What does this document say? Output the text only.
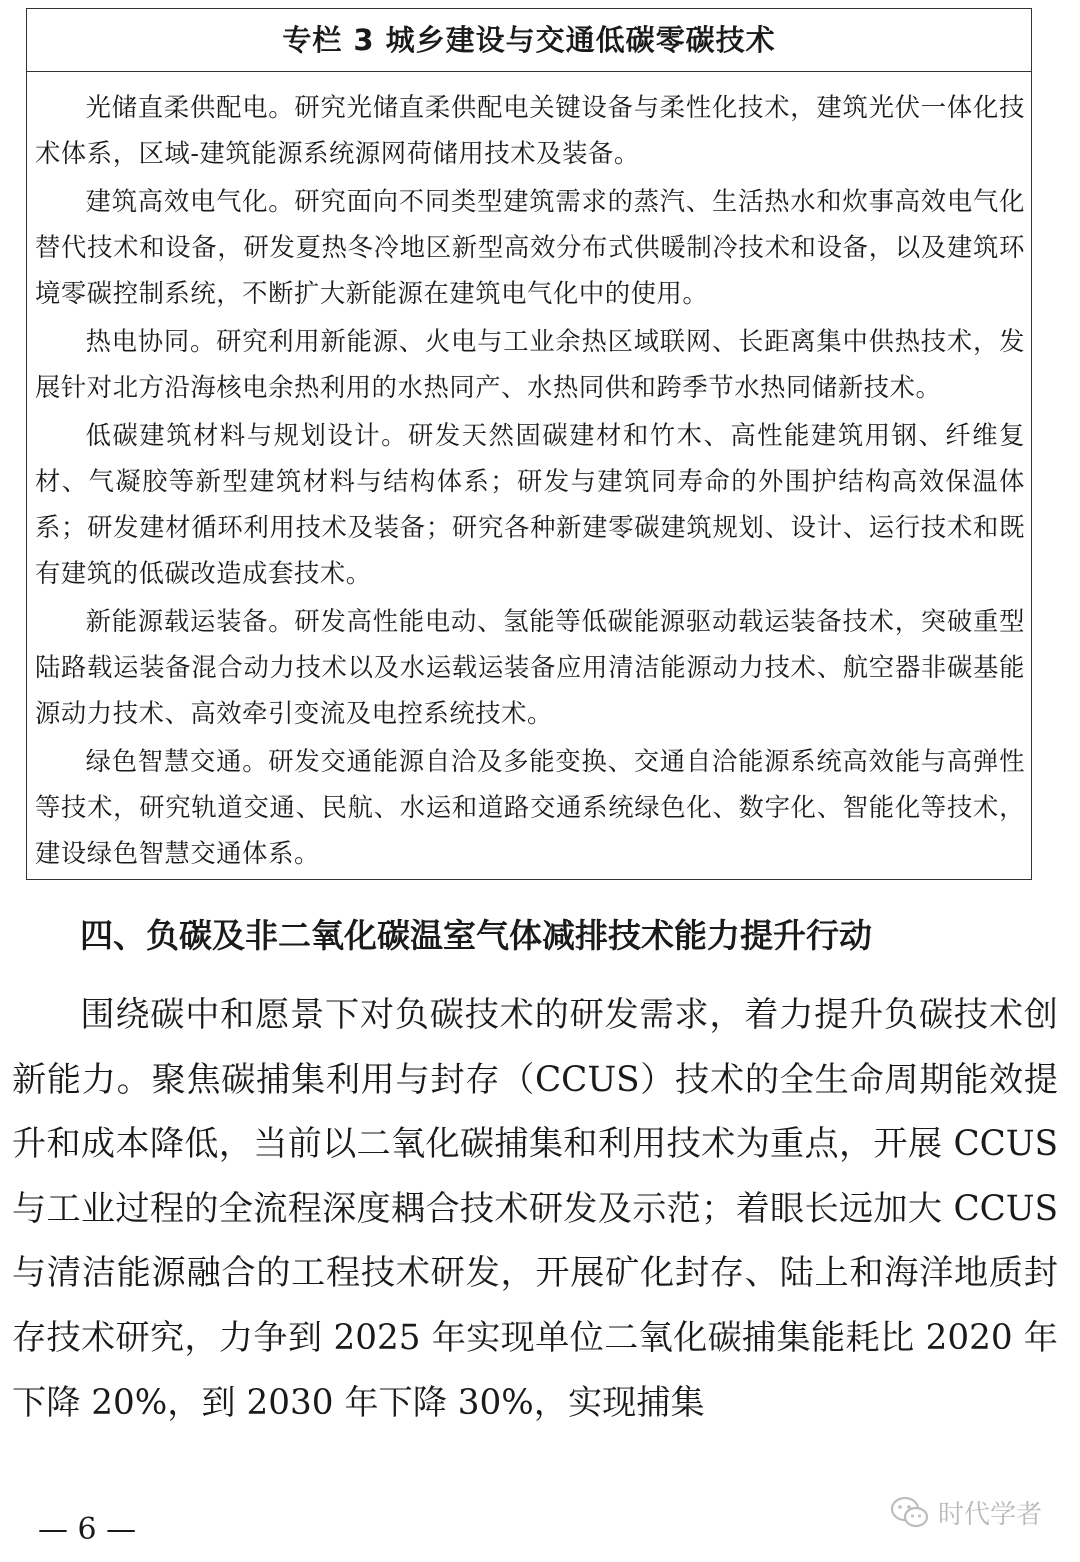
专栏 3 城乡建设与交通低碳零碳技术

光储直柔供配电。研究光储直柔供配电关键设备与柔性化技术，建筑光伏一体化技术体系，区域-建筑能源系统源网荷储用技术及装备。

建筑高效电气化。研究面向不同类型建筑需求的蒸汽、生活热水和炊事高效电气化替代技术和设备，研发夏热冬冷地区新型高效分布式供暖制冷技术和设备，以及建筑环境零碳控制系统，不断扩大新能源在建筑电气化中的使用。

热电协同。研究利用新能源、火电与工业余热区域联网、长距离集中供热技术，发展针对北方沿海核电余热利用的水热同产、水热同供和跨季节水热同储新技术。

低碳建筑材料与规划设计。研发天然固碳建材和竹木、高性能建筑用钢、纤维复材、气凝胶等新型建筑材料与结构体系；研发与建筑同寿命的外围护结构高效保温体系；研发建材循环利用技术及装备；研究各种新建零碳建筑规划、设计、运行技术和既有建筑的低碳改造成套技术。

新能源载运装备。研发高性能电动、氢能等低碳能源驱动载运装备技术，突破重型陆路载运装备混合动力技术以及水运载运装备应用清洁能源动力技术、航空器非碳基能源动力技术、高效牵引变流及电控系统技术。

绿色智慧交通。研发交通能源自洽及多能变换、交通自洽能源系统高效能与高弹性等技术，研究轨道交通、民航、水运和道路交通系统绿色化、数字化、智能化等技术，建设绿色智慧交通体系。

四、负碳及非二氧化碳温室气体减排技术能力提升行动

围绕碳中和愿景下对负碳技术的研发需求，着力提升负碳技术创新能力。聚焦碳捕集利用与封存（CCUS）技术的全生命周期能效提升和成本降低，当前以二氧化碳捕集和利用技术为重点，开展 CCUS 与工业过程的全流程深度耦合技术研发及示范；着眼长远加大 CCUS 与清洁能源融合的工程技术研发，开展矿化封存、陆上和海洋地质封存技术研究，力争到 2025 年实现单位二氧化碳捕集能耗比 2020 年下降 20%，到 2030 年下降 30%，实现捕集

— 6 —	时代学者
